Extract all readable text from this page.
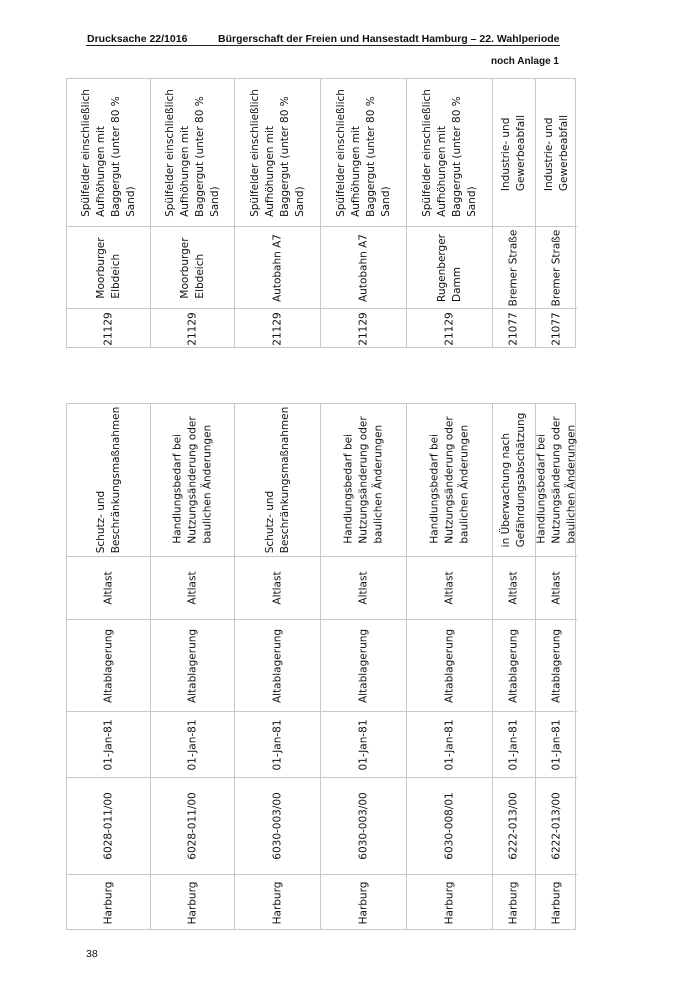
Drucksache 22/1016	Bürgerschaft der Freien und Hansestadt Hamburg – 22. Wahlperiode
noch Anlage 1
Spülfelder einschließlich
Aufhöhungen mit
Baggergut (unter 80 %
Sand)
Moorburger
Elbdeich
21129
Spülfelder einschließlich
Aufhöhungen mit
Baggergut (unter 80 %
Sand)
Moorburger
Elbdeich
21129
Spülfelder einschließlich
Aufhöhungen mit
Baggergut (unter 80 %
Sand)
Autobahn A7
21129
Spülfelder einschließlich
Aufhöhungen mit
Baggergut (unter 80 %
Sand)
Autobahn A7
21129
Spülfelder einschließlich
Aufhöhungen mit
Baggergut (unter 80 %
Sand)
Rugenberger
Damm
21129
Industrie- und
Gewerbeabfall
Bremer Straße
21077
Industrie- und
Gewerbeabfall
Bremer Straße
21077
Schutz- und
Beschränkungsmaßnahmen
Altlast
Altablagerung
01-Jan-81
6028-011/00
Harburg
Handlungsbedarf bei
Nutzungsänderung oder
baulichen Änderungen
Altlast
Altablagerung
01-Jan-81
6028-011/00
Harburg
Schutz- und
Beschränkungsmaßnahmen
Altlast
Altablagerung
01-Jan-81
6030-003/00
Harburg
Handlungsbedarf bei
Nutzungsänderung oder
baulichen Änderungen
Altlast
Altablagerung
01-Jan-81
6030-003/00
Harburg
Handlungsbedarf bei
Nutzungsänderung oder
baulichen Änderungen
Altlast
Altablagerung
01-Jan-81
6030-008/01
Harburg
in Überwachung nach
Gefährdungsabschätzung
Altlast
Altablagerung
01-Jan-81
6222-013/00
Harburg
Handlungsbedarf bei
Nutzungsänderung oder
baulichen Änderungen
Altlast
Altablagerung
01-Jan-81
6222-013/00
Harburg
38
